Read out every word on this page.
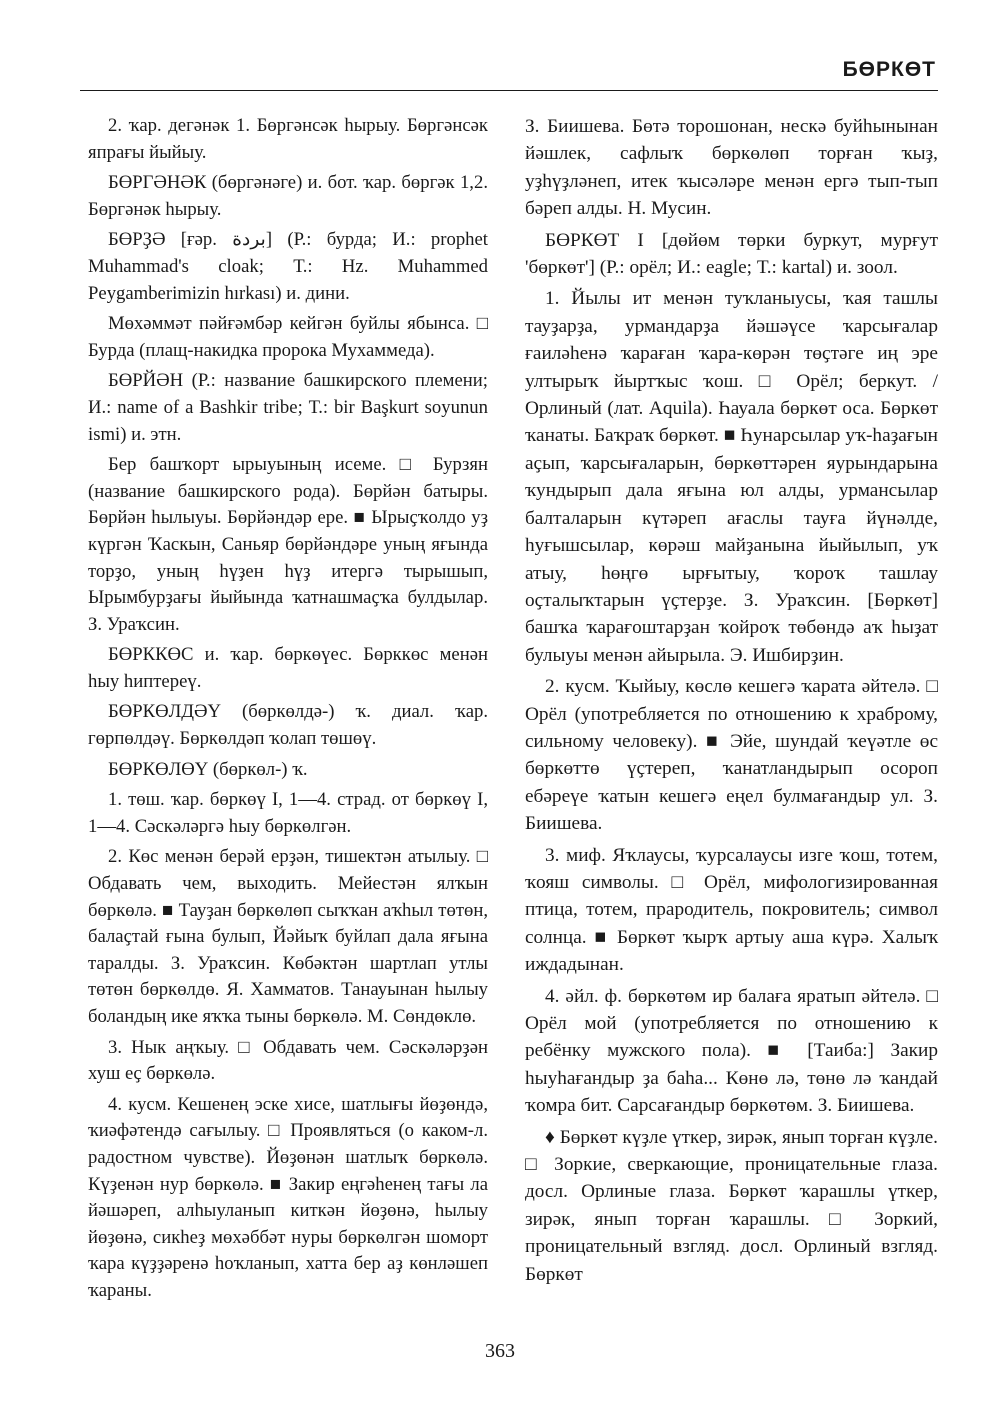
БӨРКӨТ

2. ҡар. дегәнәк 1. Бөргәнсәк һырыу. Бөргәнсәк япрағы йыйыу.

БӨРГӘНӘК (бөргәнәге) и. бот. ҡар. бөргәк 1,2. Бөргәнәк һырыу.

БӨРҘӘ [ғәр. بردة] (Р.: бурда; И.: prophet Muhammad's cloak; Т.: Hz. Muhammed Peygamberimizin hırkası) и. дини.

Мөхәммәт пәйғәмбәр кейгән буйлы ябынса. □ Бурда (плащ-накидка пророка Мухаммеда).

БӨРЙӘН (Р.: название башкирского племени; И.: name of a Bashkir tribe; Т.: bir Başkurt soyunun ismi) и. этн.

Бер башҡорт ырыуының исеме. □ Бурзян (название башкирского рода). Бөрйән батыры. Бөрйән һылыуы. Бөрйәндәр ере. ■ Ырыҫҡолдо уҙ күргән Ҡаскын, Саньяр бөрйәндәре уның яғында торҙо, уның һүҙен һүҙ итергә тырышып, Ырымбурҙағы йыйында ҡатнашмаҫҡа булдылар. З. Ураҡсин.

БӨРККӨС и. ҡар. бөркөүес. Бөрккөс менән һыу һиптереү.

БӨРКӨЛДӘҮ (бөркөлдә-) ҡ. диал. ҡар. гөрпөлдәү. Бөркөлдәп ҡолап төшөү.

БӨРКӨЛӨҮ (бөркөл-) ҡ.

1. төш. ҡар. бөркөү I, 1—4. страд. от бөркөү I, 1—4. Сәскәләргә һыу бөркөлгән.

2. Көс менән берәй ерҙән, тишектән атылыу. □ Обдавать чем, выходить. Мейестән ялҡын бөркөлә. ■ Тауҙан бөркөлөп сыҡҡан аҡһыл төтөн, балаҫтай ғына булып, Йәйыҡ буйлап дала яғына таралды. З. Ураҡсин. Көбәктән шартлап утлы төтөн бөркөлдө. Я. Хамматов. Танауынан һылыу боландың ике яҡҡа тыны бөркөлә. М. Сөндөклө.

3. Нык аңҡыу. □ Обдавать чем. Сәскәләрҙән хуш еҫ бөркөлә.

4. кусм. Кешенең эске хисе, шатлығы йөҙөндә, ҡиәфәтендә сағылыу. □ Проявляться (о каком-л. радостном чувстве). Йөҙөнән шатлыҡ бөркөлә. Күҙенән нур бөркөлә. ■ Закир еңгәһенең тағы ла йәшәреп, алһыуланып киткән йөҙөнә, һылыу йөҙөнә, сикһеҙ мөхәббәт нуры бөркөлгән шоморт ҡара күҙҙәренә һоҡланып, хатта бер аҙ көнләшеп ҡараны.

З. Биишева. Бөтә торошонан, нескә буйһынынан йәшлек, сафлыҡ бөркөлөп торған ҡыҙ, уҙһүҙләнеп, итек ҡысәләре менән ергә тып-тып бәреп алды. Н. Мусин.

БӨРКӨТ I [дөйөм төрки буркут, мурғут 'бөркөт'] (Р.: орёл; И.: eagle; Т.: kartal) и. зоол.

1. Йылы ит менән туҡланыусы, ҡая ташлы тауҙарҙа, урмандарҙа йәшәүсе ҡарсығалар ғаиләһенә ҡараған ҡара-көрән төҫтәге иң эре ултырыҡ йыртҡыс ҡош. □ Орёл; беркут. / Орлиный (лат. Aquila). Һауала бөркөт оса. Бөркөт ҡанаты. Баҡраҡ бөркөт. ■ Һунарсылар уҡ-һаҙағын аҫып, ҡарсығаларын, бөркөттәрен яурындарына ҡундырып дала яғына юл алды, урмансылар балталарын күтәреп ағаслы тауға йүнәлде, һуғышсылар, көрәш майҙанына йыйылып, уҡ атыу, һөңгө ырғытыу, ҡороҡ ташлау оҫталыҡтарын үҫтерҙе. З. Ураҡсин. [Бөркөт] башҡа ҡарағоштарҙан ҡойроҡ төбөндә аҡ һыҙат булыуы менән айырыла. Э. Ишбирҙин.

2. кусм. Ҡыйыу, көслө кешегә ҡарата әйтелә. □ Орёл (употребляется по отношению к храброму, сильному человеку). ■ Эйе, шундай ҡеүәтле өс бөркөттө үҫтереп, ҡанатландырып осороп ебәреүе ҡатын кешегә еңел булмағандыр ул. З. Биишева.

3. миф. Яҡлаусы, ҡурсалаусы изге ҡош, тотем, ҡояш символы. □ Орёл, мифологизированная птица, тотем, прародитель, покровитель; символ солнца. ■ Бөркөт ҡырҡ артыу аша күрә. Халыҡ иждадынан.

4. әйл. ф. бөркөтөм ир балаға яратып әйтелә. □ Орёл мой (употребляется по отношению к ребёнку мужского пола). ■ [Таиба:] Закир һыуһағандыр ҙа баһа... Көнө лә, төнө лә ҡандай ҡомра бит. Сарсағандыр бөркөтөм. З. Биишева.

♦ Бөркөт күҙле үткер, зирәк, янып торған күҙле. □ Зоркие, сверкающие, проницательные глаза. досл. Орлиные глаза. Бөркөт ҡарашлы үткер, зирәк, янып торған ҡарашлы. □ Зоркий, проницательный взгляд. досл. Орлиный взгляд. Бөркөт

363
